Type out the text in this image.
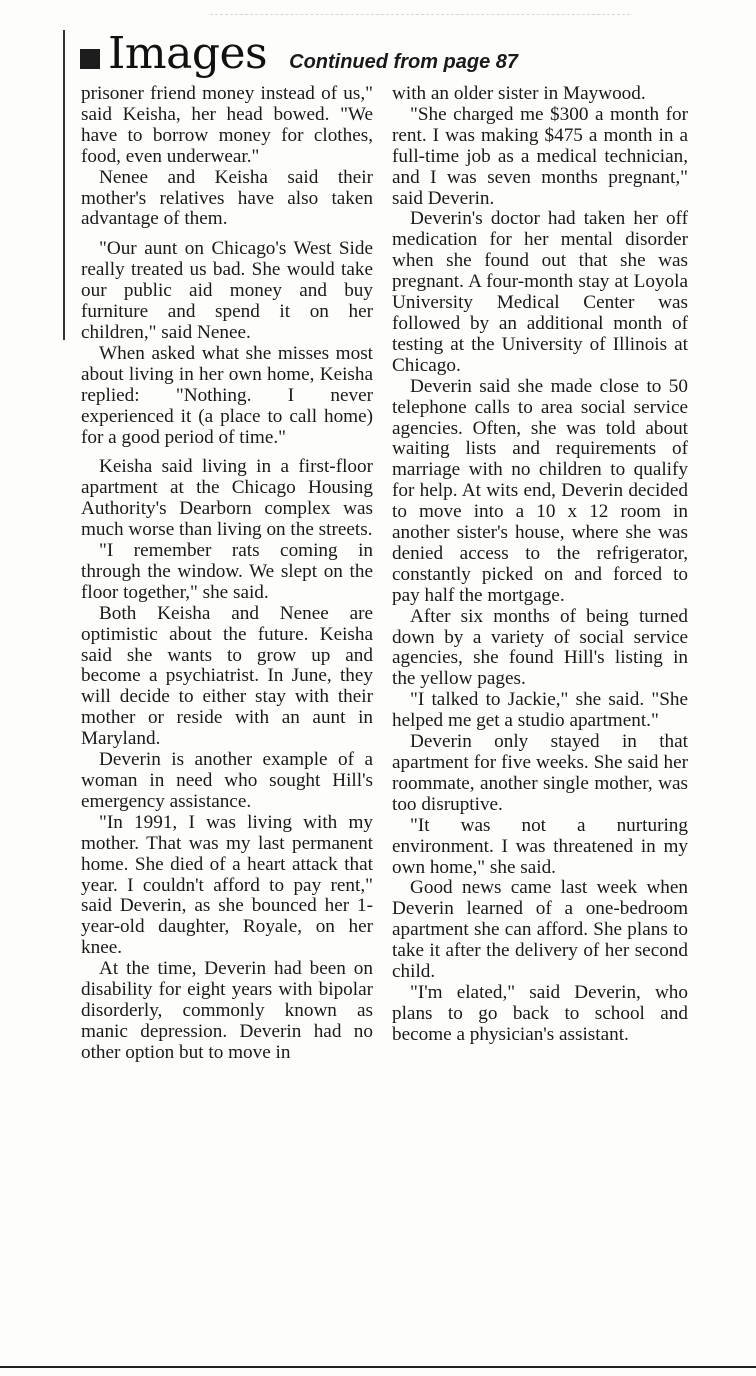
Images Continued from page 87

prisoner friend money instead of us," said Keisha, her head bowed. "We have to borrow money for clothes, food, even underwear."

Nenee and Keisha said their mother's relatives have also taken advantage of them.

"Our aunt on Chicago's West Side really treated us bad. She would take our public aid money and buy furniture and spend it on her children," said Nenee.

When asked what she misses most about living in her own home, Keisha replied: "Nothing. I never experienced it (a place to call home) for a good period of time."

Keisha said living in a first-floor apartment at the Chicago Housing Authority's Dearborn complex was much worse than living on the streets.

"I remember rats coming in through the window. We slept on the floor together," she said.

Both Keisha and Nenee are optimistic about the future. Keisha said she wants to grow up and become a psychiatrist. In June, they will decide to either stay with their mother or reside with an aunt in Maryland.

Deverin is another example of a woman in need who sought Hill's emergency assistance.

"In 1991, I was living with my mother. That was my last permanent home. She died of a heart attack that year. I couldn't afford to pay rent," said Deverin, as she bounced her 1-year-old daughter, Royale, on her knee.

At the time, Deverin had been on disability for eight years with bipolar disorderly, commonly known as manic depression. Deverin had no other option but to move in

with an older sister in Maywood.

"She charged me $300 a month for rent. I was making $475 a month in a full-time job as a medical technician, and I was seven months pregnant," said Deverin.

Deverin's doctor had taken her off medication for her mental disorder when she found out that she was pregnant. A four-month stay at Loyola University Medical Center was followed by an additional month of testing at the University of Illinois at Chicago.

Deverin said she made close to 50 telephone calls to area social service agencies. Often, she was told about waiting lists and requirements of marriage with no children to qualify for help. At wits end, Deverin decided to move into a 10 x 12 room in another sister's house, where she was denied access to the refrigerator, constantly picked on and forced to pay half the mortgage.

After six months of being turned down by a variety of social service agencies, she found Hill's listing in the yellow pages.

"I talked to Jackie," she said. "She helped me get a studio apartment."

Deverin only stayed in that apartment for five weeks. She said her roommate, another single mother, was too disruptive.

"It was not a nurturing environment. I was threatened in my own home," she said.

Good news came last week when Deverin learned of a one-bedroom apartment she can afford. She plans to take it after the delivery of her second child.

"I'm elated," said Deverin, who plans to go back to school and become a physician's assistant.
